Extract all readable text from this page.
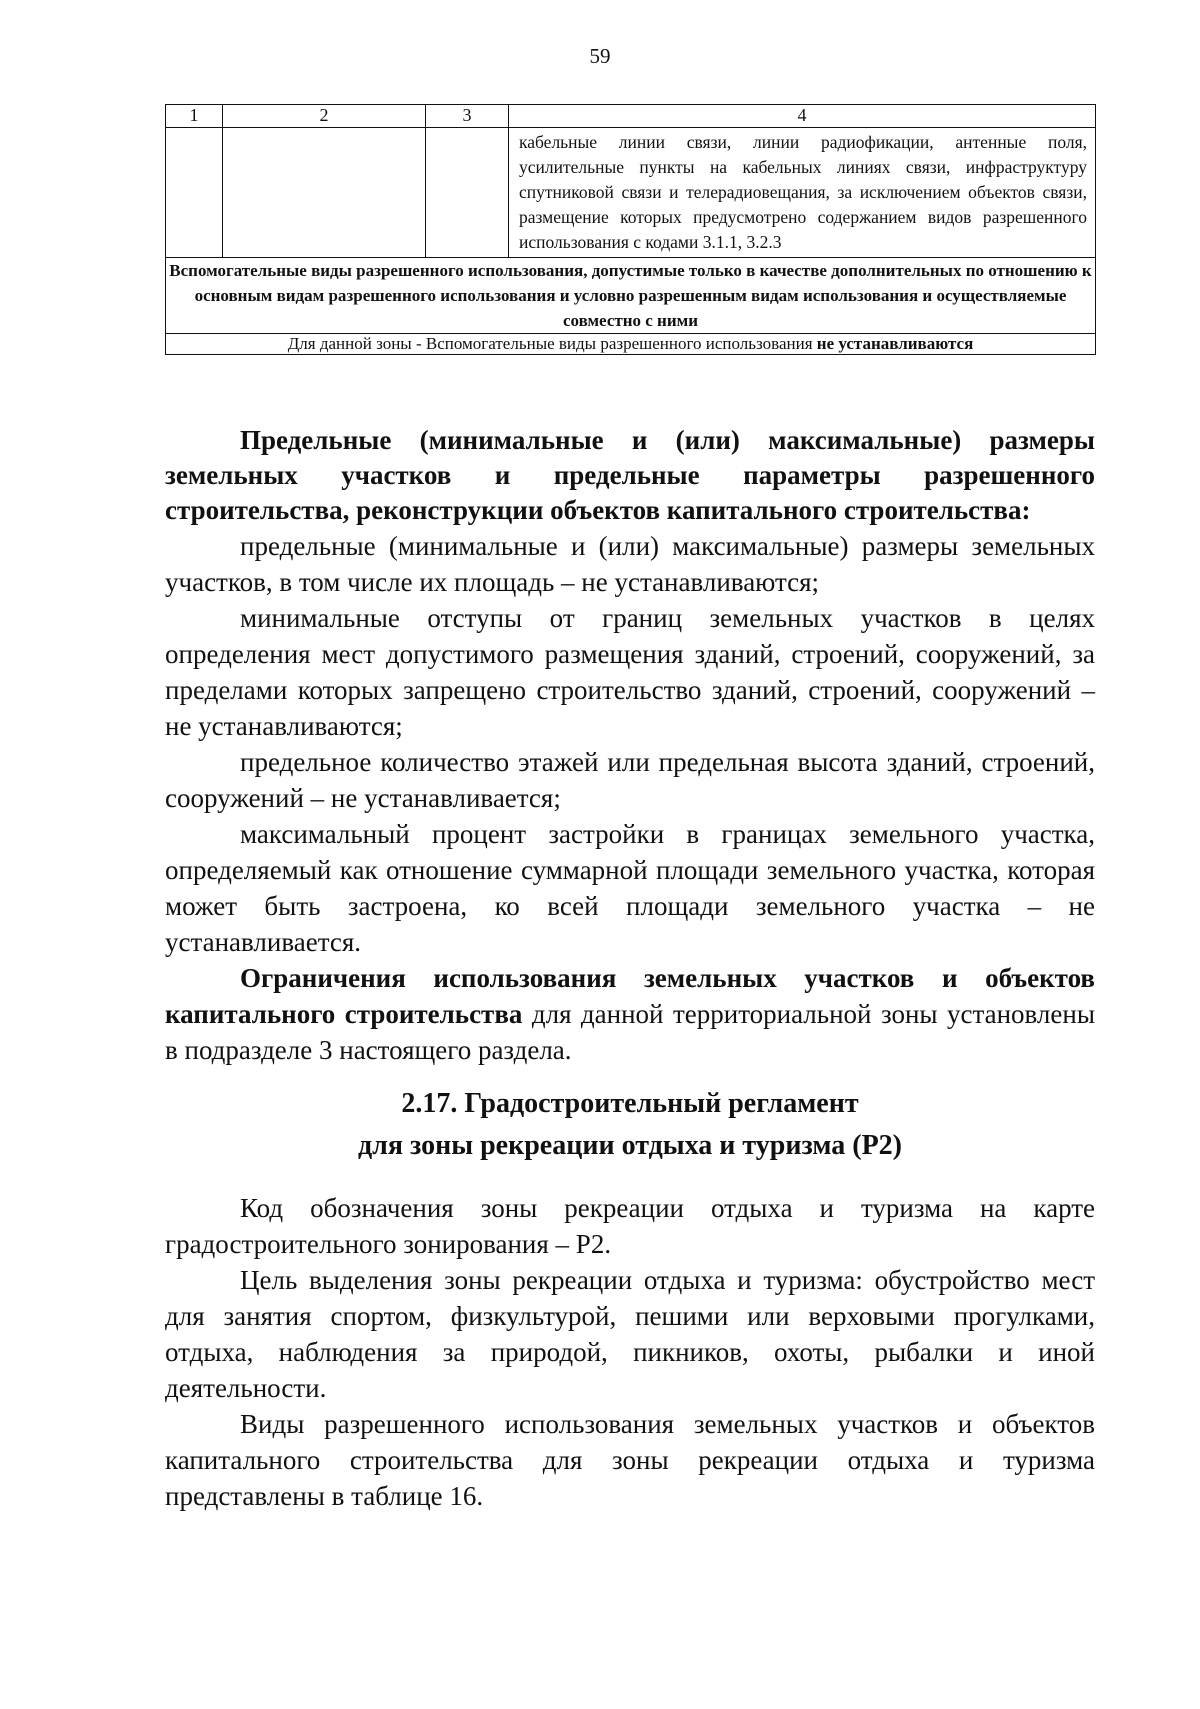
59
1	2	3	4

			кабельные линии связи, линии радиофикации, антенные поля, усилительные пункты на кабельных линиях связи, инфраструктуру спутниковой связи и телерадиовещания, за исключением объектов связи, размещение которых предусмотрено содержанием видов разрешенного использования с кодами 3.1.1, 3.2.3

Вспомогательные виды разрешенного использования, допустимые только в качестве дополнительных по отношению к основным видам разрешенного использования и условно разрешенным видам использования и осуществляемые совместно с ними			
Для данной зоны - Вспомогательные виды разрешенного использования не устанавливаются			

Предельные (минимальные и (или) максимальные) размеры земельных участков и предельные параметры разрешенного строительства, реконструкции объектов капитального строительства:

предельные (минимальные и (или) максимальные) размеры земельных участков, в том числе их площадь – не устанавливаются;

минимальные отступы от границ земельных участков в целях определения мест допустимого размещения зданий, строений, сооружений, за пределами которых запрещено строительство зданий, строений, сооружений – не устанавливаются;

предельное количество этажей или предельная высота зданий, строений, сооружений – не устанавливается;

максимальный процент застройки в границах земельного участка, определяемый как отношение суммарной площади земельного участка, которая может быть застроена, ко всей площади земельного участка – не устанавливается.

Ограничения использования земельных участков и объектов капитального строительства для данной территориальной зоны установлены в подразделе 3 настоящего раздела.

2.17. Градостроительный регламент
для зоны рекреации отдыха и туризма (Р2)

Код обозначения зоны рекреации отдыха и туризма на карте градостроительного зонирования – Р2.

Цель выделения зоны рекреации отдыха и туризма: обустройство мест для занятия спортом, физкультурой, пешими или верховыми прогулками, отдыха, наблюдения за природой, пикников, охоты, рыбалки и иной деятельности.

Виды разрешенного использования земельных участков и объектов капитального строительства для зоны рекреации отдыха и туризма представлены в таблице 16.
